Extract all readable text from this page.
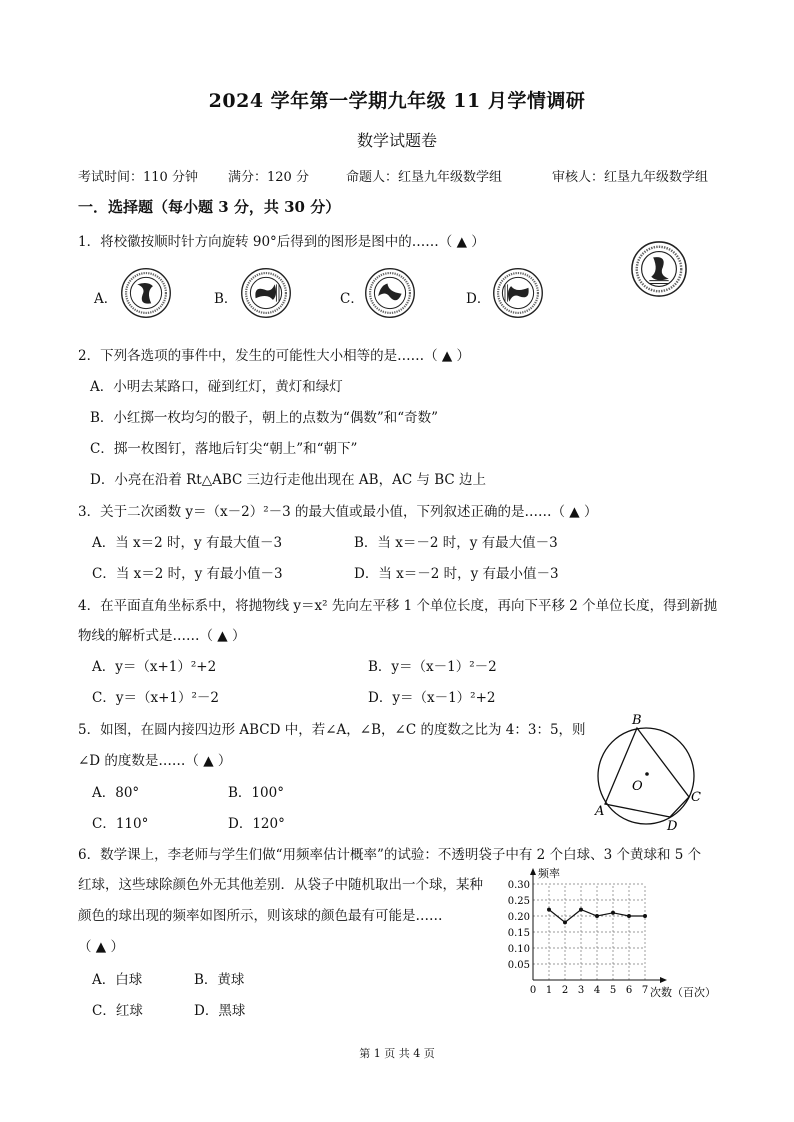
2024 学年第一学期九年级 11 月学情调研
数学试题卷
考试时间：110 分钟 满分：120 分	命题人：红垦九年级数学组	审核人：红垦九年级数学组
一．选择题（每小题 3 分，共 30 分）
1．将校徽按顺时针方向旋转 90°后得到的图形是图中的……（ ▲ ）
A．	B．	C．	D．
2．下列各选项的事件中，发生的可能性大小相等的是……（ ▲ ）
A．小明去某路口，碰到红灯，黄灯和绿灯
B．小红掷一枚均匀的骰子，朝上的点数为“偶数”和“奇数”
C．掷一枚图钉，落地后钉尖“朝上”和“朝下”
D．小亮在沿着 Rt△ABC 三边行走他出现在 AB，AC 与 BC 边上
3．关于二次函数 y＝（x－2）²－3 的最大值或最小值，下列叙述正确的是……（ ▲ ）
A．当 x＝2 时，y 有最大值－3	B．当 x＝－2 时，y 有最大值－3
C．当 x＝2 时，y 有最小值－3	D．当 x＝－2 时，y 有最小值－3
4．在平面直角坐标系中，将抛物线 y＝x² 先向左平移 1 个单位长度，再向下平移 2 个单位长度，得到新抛
物线的解析式是……（ ▲ ）
A．y＝（x+1）²+2	B．y＝（x－1）²－2
C．y＝（x+1）²－2	D．y＝（x－1）²+2
5．如图，在圆内接四边形 ABCD 中，若∠A，∠B，∠C 的度数之比为 4：3：5，则
∠D 的度数是……（ ▲ ）
A．80°	B．100°
C．110°	D．120°
B
A
C
D
O
6．数学课上，李老师与学生们做“用频率估计概率”的试验：不透明袋子中有 2 个白球、3 个黄球和 5 个
红球，这些球除颜色外无其他差别．从袋子中随机取出一个球，某种
颜色的球出现的频率如图所示，则该球的颜色最有可能是……
（ ▲ ）
A．白球	B．黄球
C．红球	D．黑球
0.05
0.10
0.15
0.20
0.25
0.30
0 1 2 3 4 5 6 7
频率
次数（百次）
第 1 页 共 4 页
